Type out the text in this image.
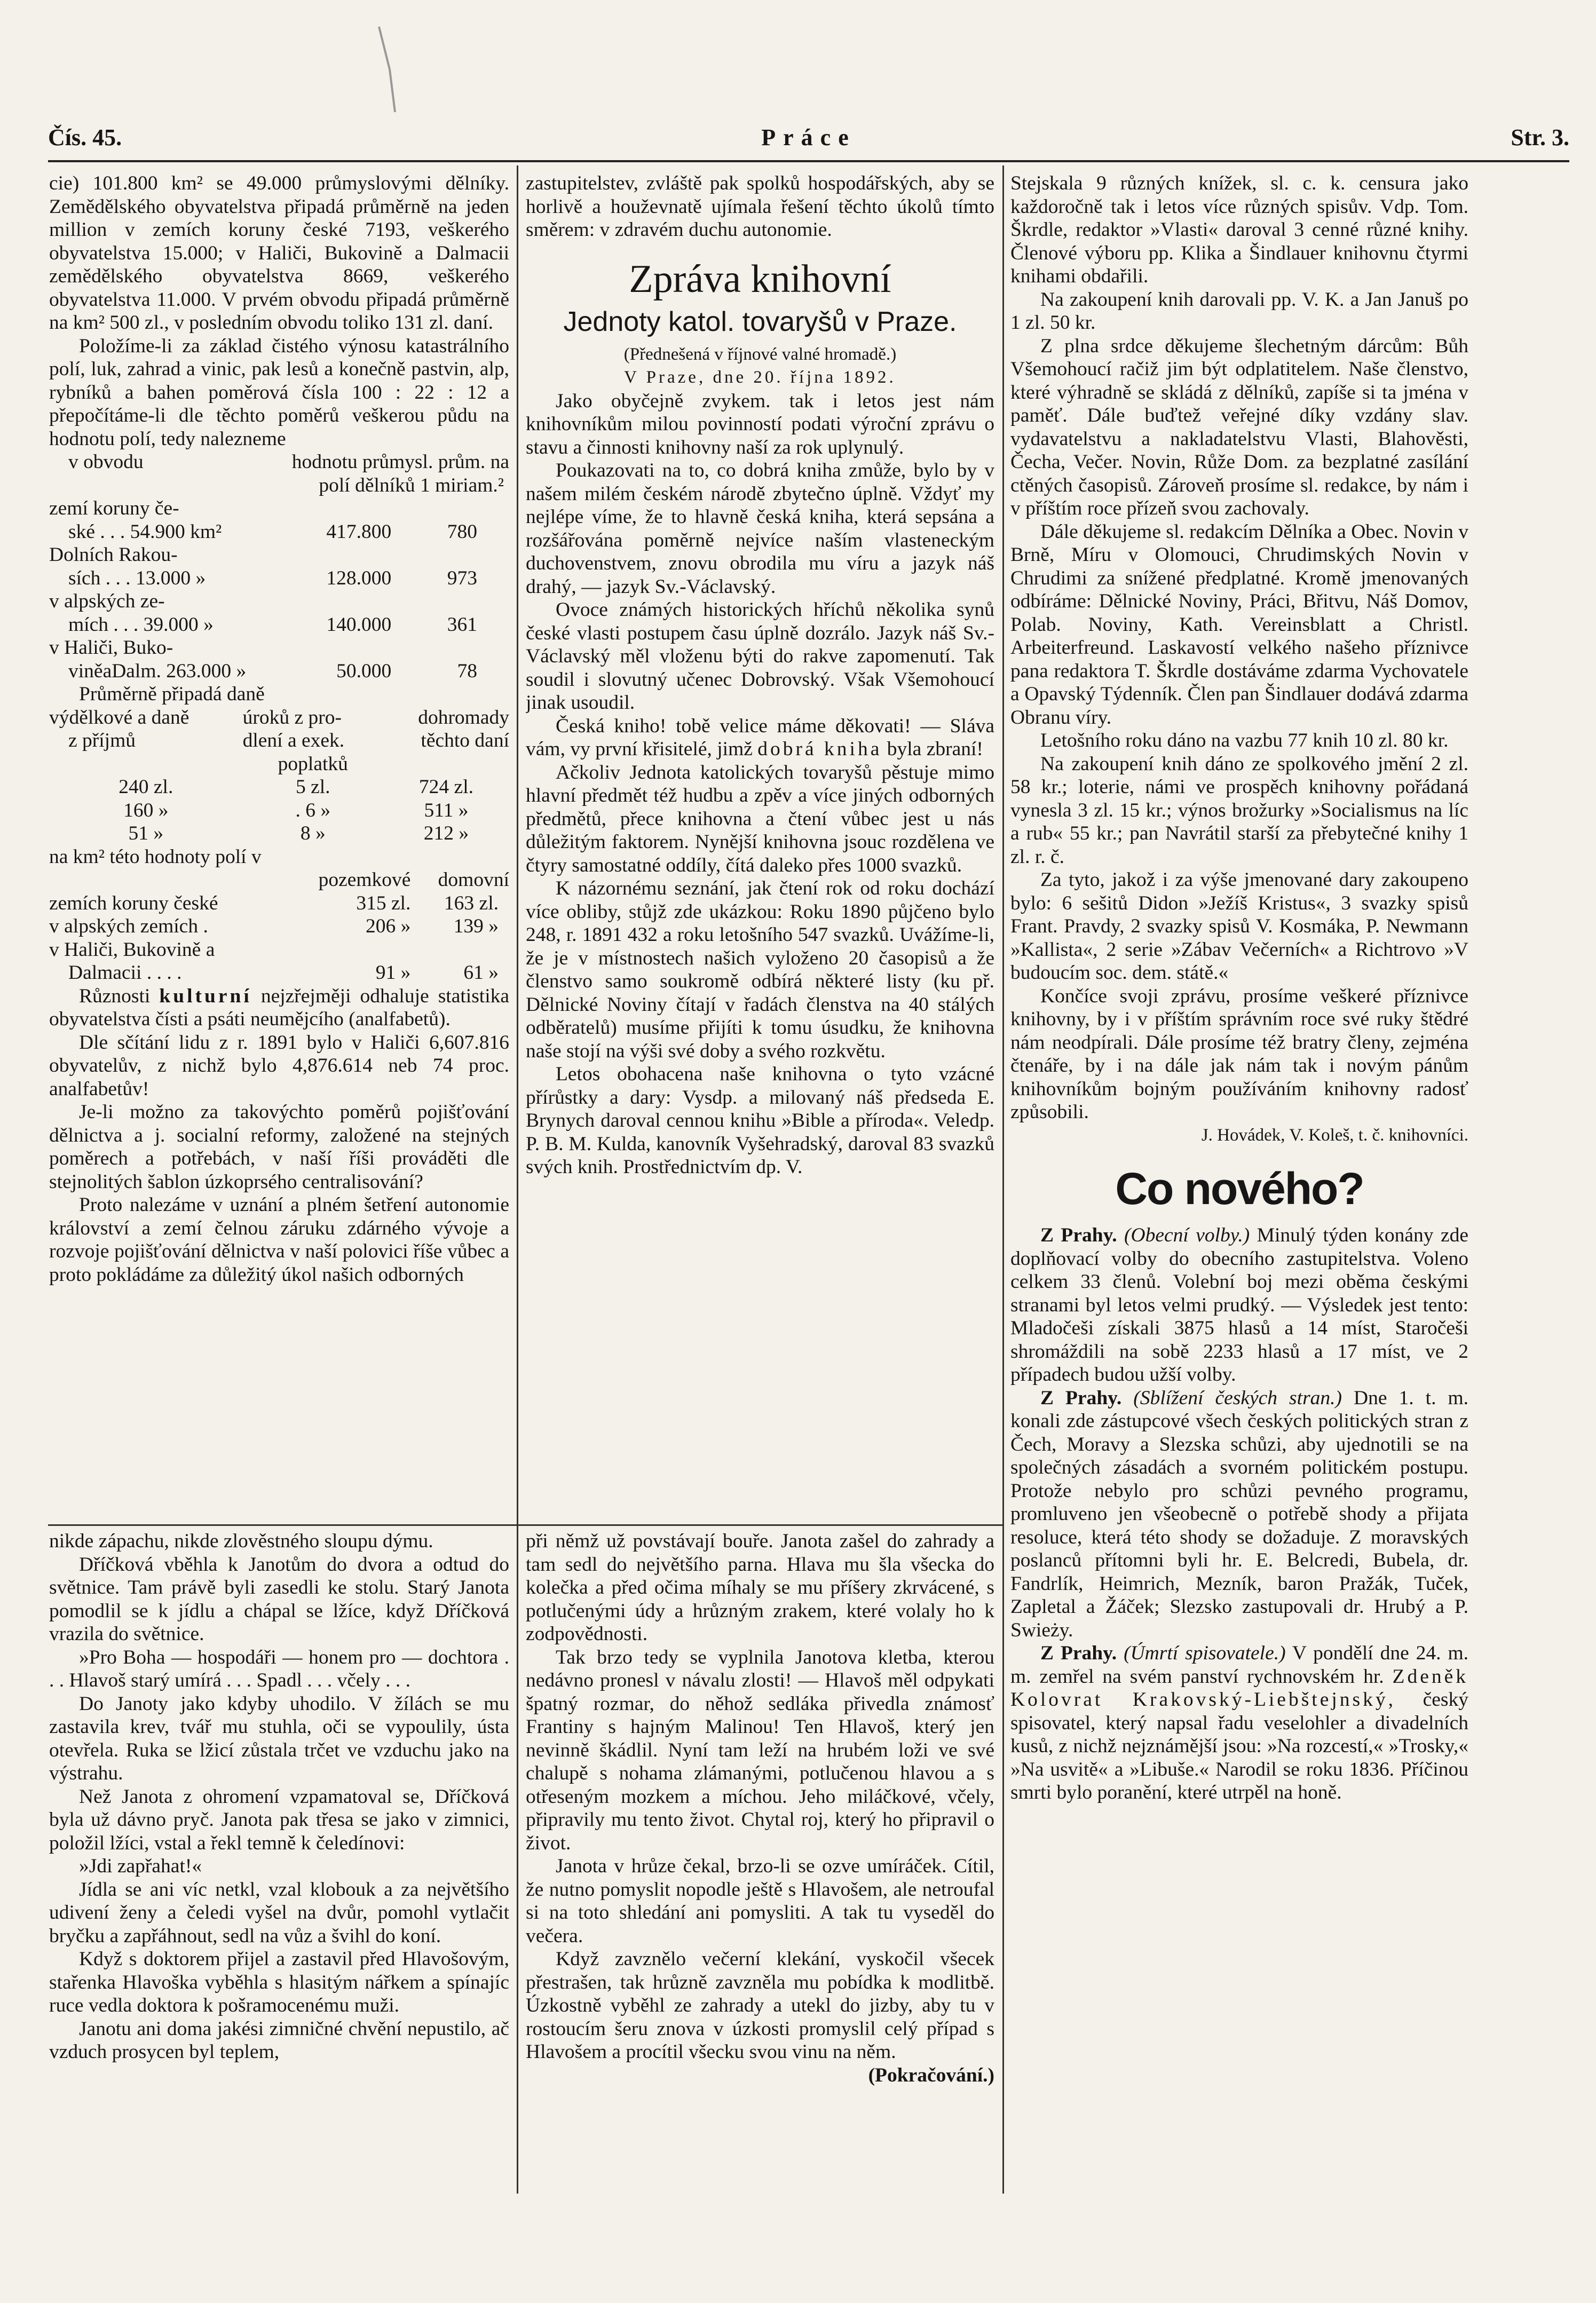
Čís. 45.	Práce	Str. 3.

cie) 101.800 km² se 49.000 průmyslovými dělníky. Zemědělského obyvatelstva připadá průměrně na jeden million v zemích koruny české 7193, veškerého obyvatelstva 15.000; v Haliči, Bukovině a Dalmacii zemědělského obyvatelstva 8669, veškerého obyvatelstva 11.000. V prvém obvodu připadá průměrně na km² 500 zl., v posledním obvodu toliko 131 zl. daní.

Položíme-li za základ čistého výnosu katastrálního polí, luk, zahrad a vinic, pak lesů a konečně pastvin, alp, rybníků a bahen poměrová čísla 100 : 22 : 12 a přepočítáme-li dle těchto poměrů veškerou půdu na hodnotu polí, tedy nalezneme

v obvodu	hodnotu průmysl. prům. na	
	polí dělníků 1 miriam.²	
zemí koruny če-		
ské . . . 54.900 km²	417.800	780
Dolních Rakou-		
sích . . . 13.000 »	128.000	973
v alpských ze-		
mích . . . 39.000 »	140.000	361
v Haliči, Buko-		
viněaDalm. 263.000 »	50.000	78

Průměrně připadá daně

výdělkové a daně	úroků z pro-	dohromady
z příjmů	dlení a exek.	těchto daní
	poplatků	
240 zl.	5 zl.	724 zl.
160 »	. 6 »	511 »
51 »	8 »	212 »

na km² této hodnoty polí v

	pozemkové	domovní
zemích koruny české	315 zl.	163 zl.
v alpských zemích .	206 »	139 »
v Haliči, Bukovině a		
Dalmacii . . . .	91 »	61 »

Různosti kulturní nejzřejměji odhaluje statistika obyvatelstva čísti a psáti neumějcího (analfabetů).

Dle sčítání lidu z r. 1891 bylo v Haliči 6,607.816 obyvatelův, z nichž bylo 4,876.614 neb 74 proc. analfabetův!

Je-li možno za takovýchto poměrů pojišťování dělnictva a j. socialní reformy, založené na stejných poměrech a potřebách, v naší říši prováděti dle stejnolitých šablon úzkoprsého centralisování?

Proto nalezáme v uznání a plném šetření autonomie království a zemí čelnou záruku zdárného vývoje a rozvoje pojišťování dělnictva v naší polovici říše vůbec a proto pokládáme za důležitý úkol našich odborných

zastupitelstev, zvláště pak spolků hospodářských, aby se horlivě a houževnatě ujímala řešení těchto úkolů tímto směrem: v zdravém duchu autonomie.

Zpráva knihovní
Jednoty katol. tovaryšů v Praze.

(Přednešená v říjnové valné hromadě.)

V Praze, dne 20. října 1892.

Jako obyčejně zvykem. tak i letos jest nám knihovníkům milou povinností podati výroční zprávu o stavu a činnosti knihovny naší za rok uplynulý.

Poukazovati na to, co dobrá kniha zmůže, bylo by v našem milém českém národě zbytečno úplně. Vždyť my nejlépe víme, že to hlavně česká kniha, která sepsána a rozšářována poměrně nejvíce naším vlasteneckým duchovenstvem, znovu obrodila mu víru a jazyk náš drahý, — jazyk Sv.-Václavský.

Ovoce známých historických hříchů několika synů české vlasti postupem času úplně dozrálo. Jazyk náš Sv.-Václavský měl vloženu býti do rakve zapomenutí. Tak soudil i slovutný učenec Dobrovský. Však Všemohoucí jinak usoudil.

Česká kniho! tobě velice máme děkovati! — Sláva vám, vy první křisitelé, jimž dobrá kniha byla zbraní!

Ačkoliv Jednota katolických tovaryšů pěstuje mimo hlavní předmět též hudbu a zpěv a více jiných odborných předmětů, přece knihovna a čtení vůbec jest u nás důležitým faktorem. Nynější knihovna jsouc rozdělena ve čtyry samostatné oddíly, čítá daleko přes 1000 svazků.

K názornému seznání, jak čtení rok od roku dochází více obliby, stůjž zde ukázkou: Roku 1890 půjčeno bylo 248, r. 1891 432 a roku letošního 547 svazků. Uvážíme-li, že je v místnostech našich vyloženo 20 časopisů a že členstvo samo soukromě odbírá některé listy (ku př. Dělnické Noviny čítají v řadách členstva na 40 stálých odběratelů) musíme přijíti k tomu úsudku, že knihovna naše stojí na výši své doby a svého rozkvětu.

Letos obohacena naše knihovna o tyto vzácné přírůstky a dary: Vysdp. a milovaný náš předseda E. Brynych daroval cennou knihu »Bible a příroda«. Veledp. P. B. M. Kulda, kanovník Vyšehradský, daroval 83 svazků svých knih. Prostřednictvím dp. V.

Stejskala 9 různých knížek, sl. c. k. censura jako každoročně tak i letos více různých spisův. Vdp. Tom. Škrdle, redaktor »Vlasti« daroval 3 cenné různé knihy. Členové výboru pp. Klika a Šindlauer knihovnu čtyrmi knihami obdařili.

Na zakoupení knih darovali pp. V. K. a Jan Januš po 1 zl. 50 kr.

Z plna srdce děkujeme šlechetným dárcům: Bůh Všemohoucí račiž jim být odplatitelem. Naše členstvo, které výhradně se skládá z dělníků, zapíše si ta jména v paměť. Dále buďtež veřejné díky vzdány slav. vydavatelstvu a nakladatelstvu Vlasti, Blahověsti, Čecha, Večer. Novin, Růže Dom. za bezplatné zasílání ctěných časopisů. Zároveň prosíme sl. redakce, by nám i v příštím roce přízeň svou zachovaly.

Dále děkujeme sl. redakcím Dělníka a Obec. Novin v Brně, Míru v Olomouci, Chrudimských Novin v Chrudimi za snížené předplatné. Kromě jmenovaných odbíráme: Dělnické Noviny, Práci, Břitvu, Náš Domov, Polab. Noviny, Kath. Vereinsblatt a Christl. Arbeiterfreund. Laskavostí velkého našeho příznivce pana redaktora T. Škrdle dostáváme zdarma Vychovatele a Opavský Týdenník. Člen pan Šindlauer dodává zdarma Obranu víry.

Letošního roku dáno na vazbu 77 knih 10 zl. 80 kr.

Na zakoupení knih dáno ze spolkového jmění 2 zl. 58 kr.; loterie, námi ve prospěch knihovny pořádaná vynesla 3 zl. 15 kr.; výnos brožurky »Socialismus na líc a rub« 55 kr.; pan Navrátil starší za přebytečné knihy 1 zl. r. č.

Za tyto, jakož i za výše jmenované dary zakoupeno bylo: 6 sešitů Didon »Ježíš Kristus«, 3 svazky spisů Frant. Pravdy, 2 svazky spisů V. Kosmáka, P. Newmann »Kallista«, 2 serie »Zábav Večerních« a Richtrovo »V budoucím soc. dem. státě.«

Končíce svoji zprávu, prosíme veškeré příznivce knihovny, by i v příštím správním roce své ruky štědré nám neodpírali. Dále prosíme též bratry členy, zejména čtenáře, by i na dále jak nám tak i novým pánům knihovníkům bojným používáním knihovny radosť způsobili.

J. Hovádek, V. Koleš, t. č. knihovníci.

Co nového?

Z Prahy. (Obecní volby.) Minulý týden konány zde doplňovací volby do obecního zastupitelstva. Voleno celkem 33 členů. Volební boj mezi oběma českými stranami byl letos velmi prudký. — Výsledek jest tento: Mladočeši získali 3875 hlasů a 14 míst, Staročeši shromáždili na sobě 2233 hlasů a 17 míst, ve 2 případech budou užší volby.

Z Prahy. (Sblížení českých stran.) Dne 1. t. m. konali zde zástupcové všech českých politických stran z Čech, Moravy a Slezska schůzi, aby ujednotili se na společných zásadách a svorném politickém postupu. Protože nebylo pro schůzi pevného programu, promluveno jen všeobecně o potřebě shody a přijata resoluce, která této shody se dožaduje. Z moravských poslanců přítomni byli hr. E. Belcredi, Bubela, dr. Fandrlík, Heimrich, Mezník, baron Pražák, Tuček, Zapletal a Žáček; Slezsko zastupovali dr. Hrubý a P. Swieży.

Z Prahy. (Úmrtí spisovatele.) V pondělí dne 24. m. m. zemřel na svém panství rychnovském hr. Zdeněk Kolovrat Krakovský-Liebštejnský, český spisovatel, který napsal řadu veselohler a divadelních kusů, z nichž nejznámější jsou: »Na rozcestí,« »Trosky,« »Na usvitě« a »Libuše.« Narodil se roku 1836. Příčinou smrti bylo poranění, které utrpěl na honě.

nikde zápachu, nikde zlověstného sloupu dýmu.

Dříčková vběhla k Janotům do dvora a odtud do světnice. Tam právě byli zasedli ke stolu. Starý Janota pomodlil se k jídlu a chápal se lžíce, když Dříčková vrazila do světnice.

»Pro Boha — hospodáři — honem pro — dochtora . . . Hlavoš starý umírá . . . Spadl . . . včely . . .

Do Janoty jako kdyby uhodilo. V žílách se mu zastavila krev, tvář mu stuhla, oči se vypoulily, ústa otevřela. Ruka se lžicí zůstala trčet ve vzduchu jako na výstrahu.

Než Janota z ohromení vzpamatoval se, Dříčková byla už dávno pryč. Janota pak třesa se jako v zimnici, položil lžíci, vstal a řekl temně k čeledínovi:

»Jdi zapřahat!«

Jídla se ani víc netkl, vzal klobouk a za největšího udivení ženy a čeledi vyšel na dvůr, pomohl vytlačit bryčku a zapřáhnout, sedl na vůz a švihl do koní.

Když s doktorem přijel a zastavil před Hlavošovým, stařenka Hlavoška vyběhla s hlasitým nářkem a spínajíc ruce vedla doktora k pošramocenému muži.

Janotu ani doma jakési zimničné chvění nepustilo, ač vzduch prosycen byl teplem,

při němž už povstávají bouře. Janota zašel do zahrady a tam sedl do největšího parna. Hlava mu šla všecka do kolečka a před očima míhaly se mu příšery zkrvácené, s potlučenými údy a hrůzným zrakem, které volaly ho k zodpovědnosti.

Tak brzo tedy se vyplnila Janotova kletba, kterou nedávno pronesl v návalu zlosti! — Hlavoš měl odpykati špatný rozmar, do něhož sedláka přivedla známosť Frantiny s hajným Malinou! Ten Hlavoš, který jen nevinně škádlil. Nyní tam leží na hrubém loži ve své chalupě s nohama zlámanými, potlučenou hlavou a s otřeseným mozkem a míchou. Jeho miláčkové, včely, připravily mu tento život. Chytal roj, který ho připravil o život.

Janota v hrůze čekal, brzo-li se ozve umíráček. Cítil, že nutno pomyslit nopodle ještě s Hlavošem, ale netroufal si na toto shledání ani pomysliti. A tak tu vyseděl do večera.

Když zavznělo večerní klekání, vyskočil všecek přestrašen, tak hrůzně zavzněla mu pobídka k modlitbě. Úzkostně vyběhl ze zahrady a utekl do jizby, aby tu v rostoucím šeru znova v úzkosti promyslil celý případ s Hlavošem a procítil všecku svou vinu na něm.

(Pokračování.)
